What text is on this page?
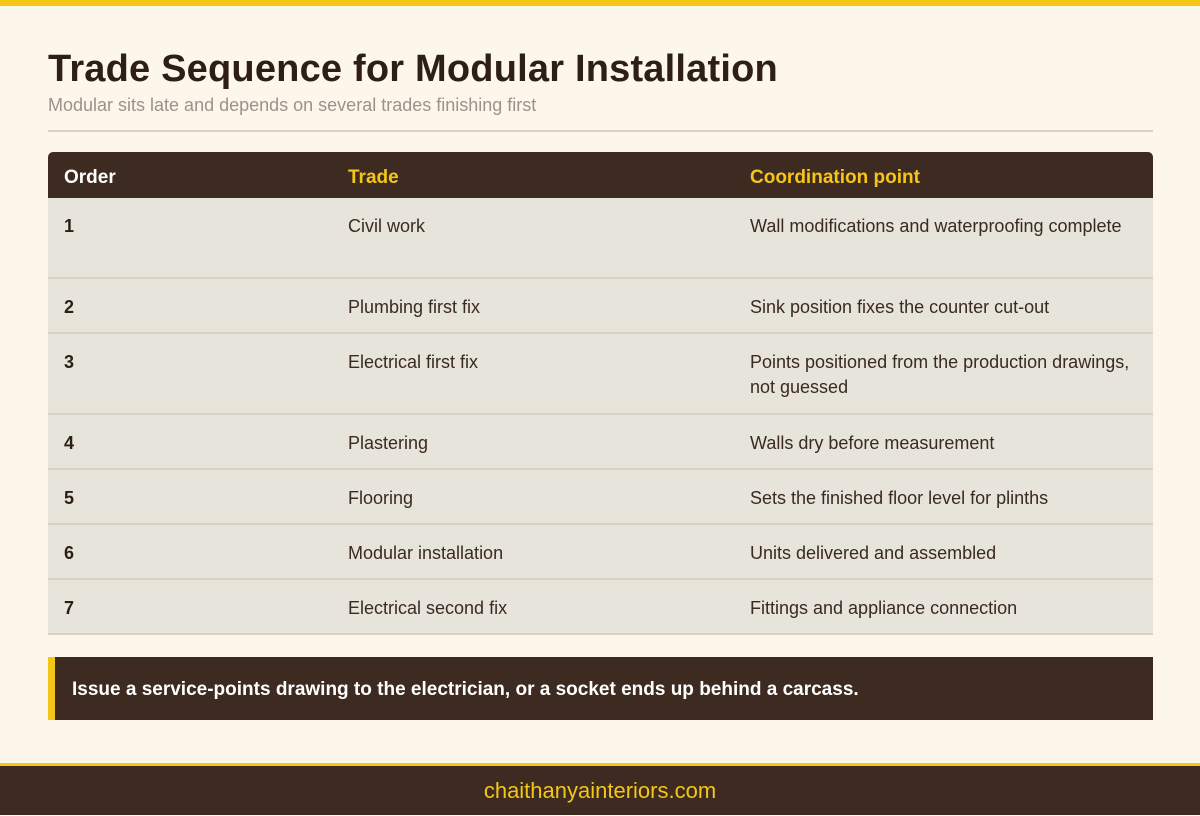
Trade Sequence for Modular Installation
Modular sits late and depends on several trades finishing first
Order	Trade	Coordination point
1	Civil work	Wall modifications and waterproofing complete
2	Plumbing first fix	Sink position fixes the counter cut-out
3	Electrical first fix	Points positioned from the production drawings, not guessed
4	Plastering	Walls dry before measurement
5	Flooring	Sets the finished floor level for plinths
6	Modular installation	Units delivered and assembled
7	Electrical second fix	Fittings and appliance connection
Issue a service-points drawing to the electrician, or a socket ends up behind a carcass.
chaithanyainteriors.com
